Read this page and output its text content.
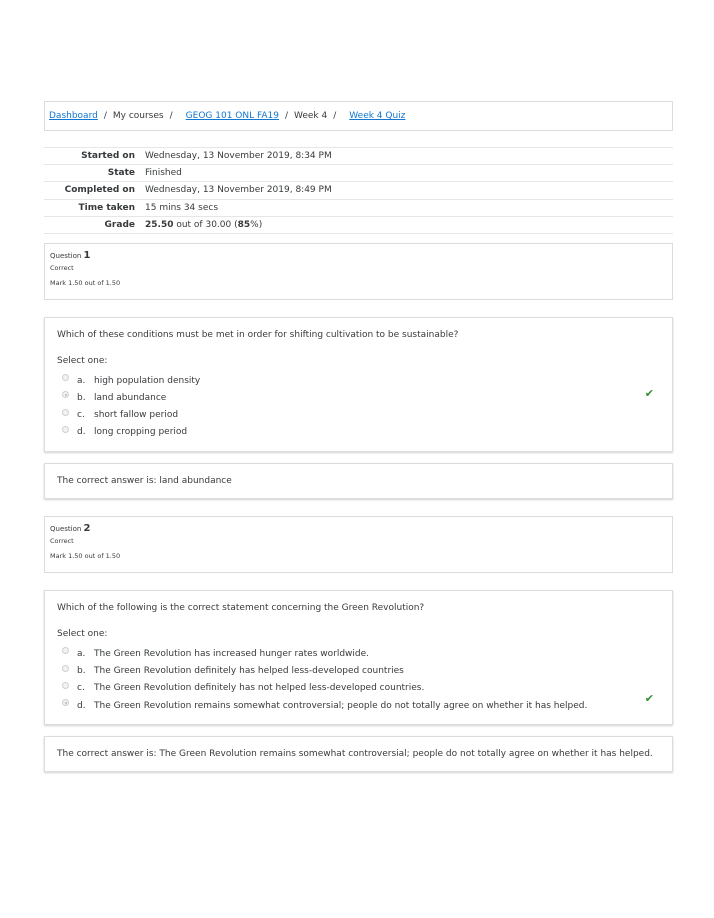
Dashboard / My courses / GEOG 101 ONL FA19 / Week 4 / Week 4 Quiz
Started on	Wednesday, 13 November 2019, 8:34 PM
State	Finished
Completed on	Wednesday, 13 November 2019, 8:49 PM
Time taken	15 mins 34 secs
Grade	25.50 out of 30.00 (85%)
Question 1
Correct
Mark 1.50 out of 1.50
Which of these conditions must be met in order for shifting cultivation to be sustainable?
Select one:
a. high population density
b. land abundance
c.	short fallow period
d. long cropping period
✔
The correct answer is: land abundance
Question 2
Correct
Mark 1.50 out of 1.50
Which of the following is the correct statement concerning the Green Revolution?
Select one:
a. The Green Revolution has increased hunger rates worldwide.
b. The Green Revolution definitely has helped less-developed countries
c.	The Green Revolution definitely has not helped less-developed countries.
d. The Green Revolution remains somewhat controversial; people do not totally agree on whether it has helped.
✔
The correct answer is: The Green Revolution remains somewhat controversial; people do not totally agree on whether it has helped.
